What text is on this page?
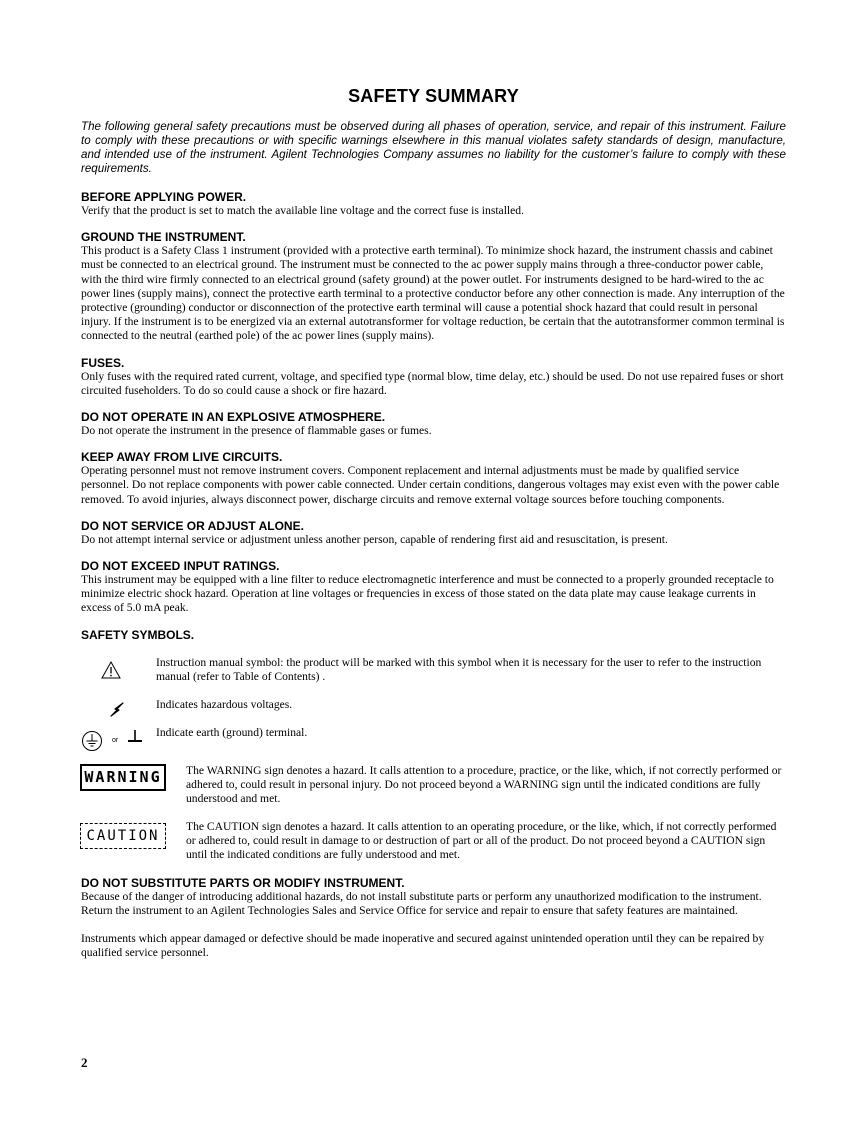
SAFETY SUMMARY
The following general safety precautions must be observed during all phases of operation, service, and repair of this instrument. Failure to comply with these precautions or with specific warnings elsewhere in this manual violates safety standards of design, manufacture, and intended use of the instrument. Agilent Technologies Company assumes no liability for the customer’s failure to comply with these requirements.
BEFORE APPLYING POWER.
Verify that the product is set to match the available line voltage and the correct fuse is installed.
GROUND THE INSTRUMENT.
This product is a Safety Class 1 instrument (provided with a protective earth terminal). To minimize shock hazard, the instrument chassis and cabinet must be connected to an electrical ground. The instrument must be connected to the ac power supply mains through a three-conductor power cable, with the third wire firmly connected to an electrical ground (safety ground) at the power outlet. For instruments designed to be hard-wired to the ac power lines (supply mains), connect the protective earth terminal to a protective conductor before any other connection is made. Any interruption of the protective (grounding) conductor or disconnection of the protective earth terminal will cause a potential shock hazard that could result in personal injury. If the instrument is to be energized via an external autotransformer for voltage reduction, be certain that the autotransformer common terminal is connected to the neutral (earthed pole) of the ac power lines (supply mains).
FUSES.
Only fuses with the required rated current, voltage, and specified type (normal blow, time delay, etc.) should be used. Do not use repaired fuses or short circuited fuseholders. To do so could cause a shock or fire hazard.
DO NOT OPERATE IN AN EXPLOSIVE ATMOSPHERE.
Do not operate the instrument in the presence of flammable gases or fumes.
KEEP AWAY FROM LIVE CIRCUITS.
Operating personnel must not remove instrument covers. Component replacement and internal adjustments must be made by qualified service personnel. Do not replace components with power cable connected. Under certain conditions, dangerous voltages may exist even with the power cable removed. To avoid injuries, always disconnect power, discharge circuits and remove external voltage sources before touching components.
DO NOT SERVICE OR ADJUST ALONE.
Do not attempt internal service or adjustment unless another person, capable of rendering first aid and resuscitation, is present.
DO NOT EXCEED INPUT RATINGS.
This instrument may be equipped with a line filter to reduce electromagnetic interference and must be connected to a properly grounded receptacle to minimize electric shock hazard. Operation at line voltages or frequencies in excess of those stated on the data plate may cause leakage currents in excess of 5.0 mA peak.
SAFETY SYMBOLS.
Instruction manual symbol: the product will be marked with this symbol when it is necessary for the user to refer to the instruction manual (refer to Table of Contents) .
Indicates hazardous voltages.
or
Indicate earth (ground) terminal.
WARNING	The WARNING sign denotes a hazard. It calls attention to a procedure, practice, or the like, which, if not correctly performed or adhered to, could result in personal injury. Do not proceed beyond a WARNING sign until the indicated conditions are fully understood and met.
CAUTION
The CAUTION sign denotes a hazard. It calls attention to an operating procedure, or the like, which, if not correctly performed or adhered to, could result in damage to or destruction of part or all of the product. Do not proceed beyond a CAUTION sign until the indicated conditions are fully understood and met.
DO NOT SUBSTITUTE PARTS OR MODIFY INSTRUMENT.
Because of the danger of introducing additional hazards, do not install substitute parts or perform any unauthorized modification to the instrument. Return the instrument to an Agilent Technologies Sales and Service Office for service and repair to ensure that safety features are maintained.
Instruments which appear damaged or defective should be made inoperative and secured against unintended operation until they can be repaired by qualified service personnel.
2
